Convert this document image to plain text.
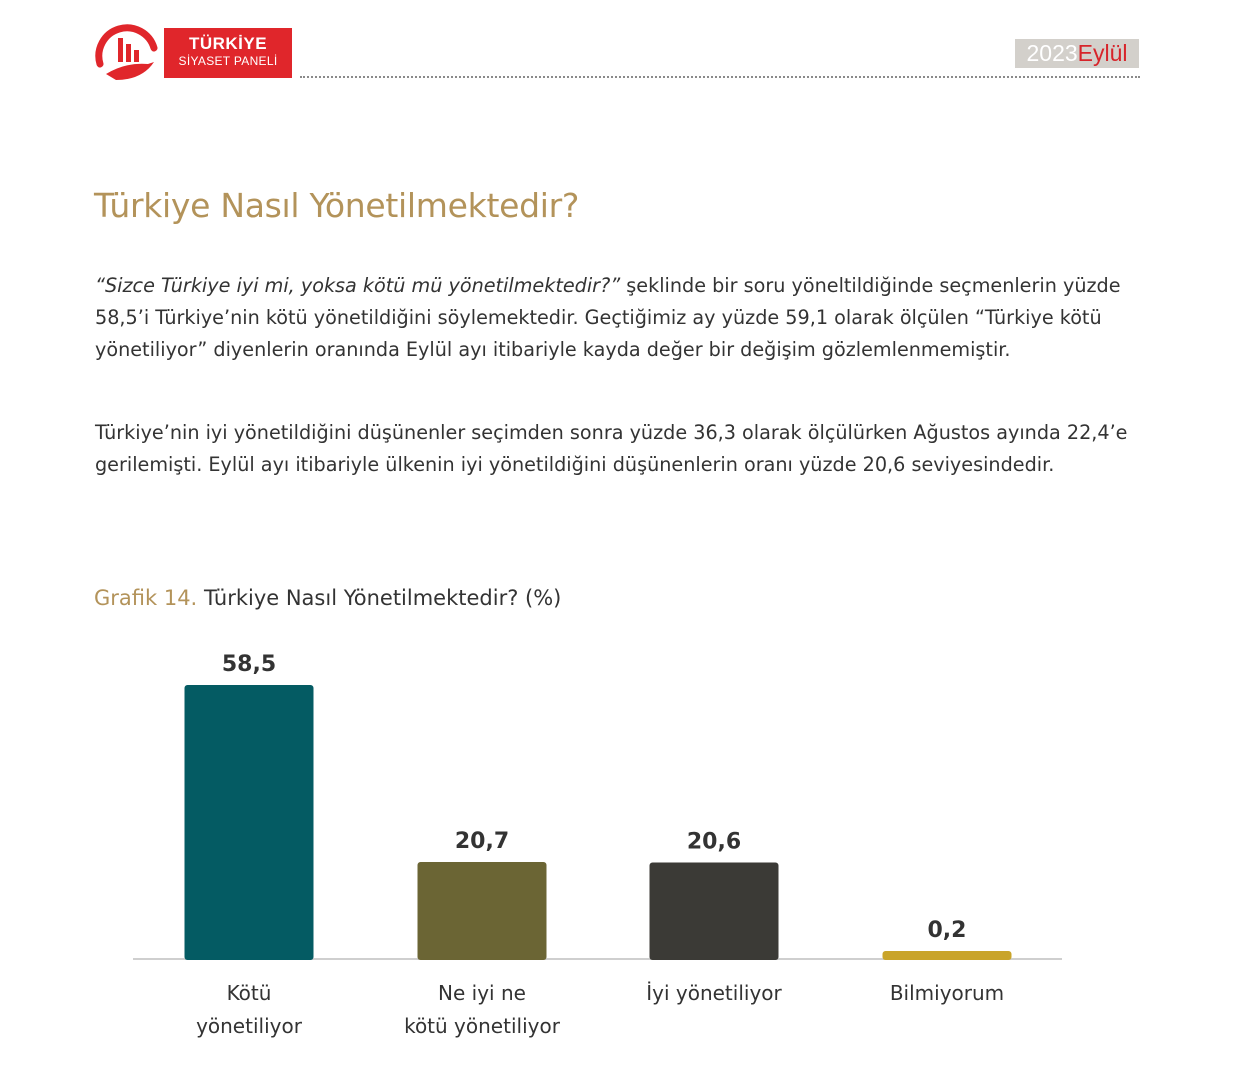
TÜRKİYE
SİYASET PANELİ	2023Eylül
Türkiye Nasıl Yönetilmektedir?

“Sizce Türkiye iyi mi, yoksa kötü mü yönetilmektedir?” şeklinde bir soru yöneltildiğinde seçmenlerin yüzde 58,5’i Türkiye’nin kötü yönetildiğini söylemektedir. Geçtiğimiz ay yüzde 59,1 olarak ölçülen “Türkiye kötü yönetiliyor” diyenlerin oranında Eylül ayı itibariyle kayda değer bir değişim gözlemlenmemiştir.

Türkiye’nin iyi yönetildiğini düşünenler seçimden sonra yüzde 36,3 olarak ölçülürken Ağustos ayında 22,4’e gerilemişti. Eylül ayı itibariyle ülkenin iyi yönetildiğini düşünenlerin oranı yüzde 20,6 seviyesindedir.

Grafik 14. Türkiye Nasıl Yönetilmektedir? (%)

58,5
Kötü
yönetiliyor
20,7
Ne iyi ne
kötü yönetiliyor
20,6
İyi yönetiliyor
0,2
Bilmiyorum
